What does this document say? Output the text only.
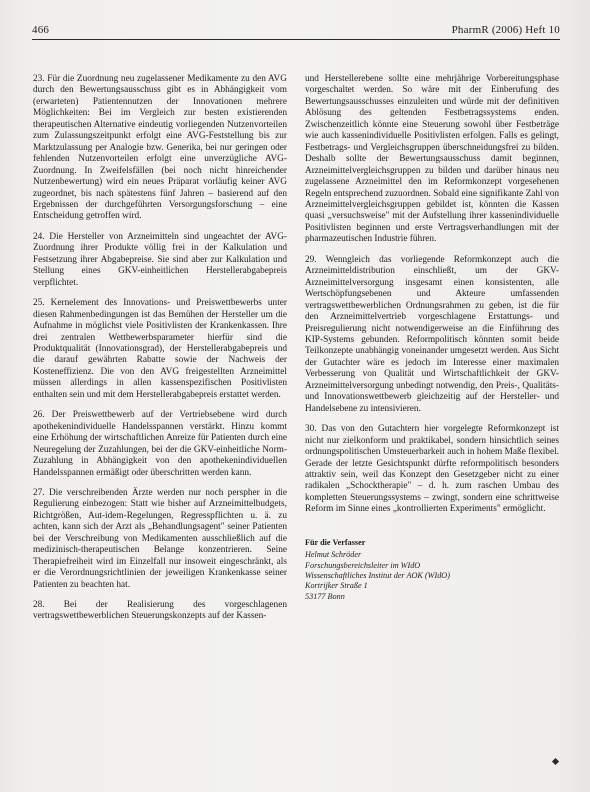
466	PharmR (2006) Heft 10

23. Für die Zuordnung neu zugelassener Medikamente zu den AVG durch den Bewertungsausschuss gibt es in Abhängigkeit vom (erwarteten) Patientennutzen der Innovationen mehrere Möglichkeiten: Bei im Vergleich zur besten existierenden therapeutischen Alternative eindeutig vorliegenden Nutzenvorteilen zum Zulassungszeitpunkt erfolgt eine AVG-Feststellung bis zur Marktzulassung per Analogie bzw. Generika, bei nur geringen oder fehlenden Nutzenvorteilen erfolgt eine unverzügliche AVG-Zuordnung. In Zweifelsfällen (bei noch nicht hinreichender Nutzenbewertung) wird ein neues Präparat vorläufig keiner AVG zugeordnet, bis nach spätestens fünf Jahren – basierend auf den Ergebnissen der durchgeführten Versorgungsforschung – eine Entscheidung getroffen wird.

24. Die Hersteller von Arzneimitteln sind ungeachtet der AVG-Zuordnung ihrer Produkte völlig frei in der Kalkulation und Festsetzung ihrer Abgabepreise. Sie sind aber zur Kalkulation und Stellung eines GKV-einheitlichen Herstellerabgabepreis verpflichtet.

25. Kernelement des Innovations- und Preiswettbewerbs unter diesen Rahmenbedingungen ist das Bemühen der Hersteller um die Aufnahme in möglichst viele Positivlisten der Krankenkassen. Ihre drei zentralen Wettbewerbsparameter hierfür sind die Produktqualität (Innovationsgrad), der Herstellerabgabepreis und die darauf gewährten Rabatte sowie der Nachweis der Kosteneffizienz. Die von den AVG freigestellten Arzneimittel müssen allerdings in allen kassenspezifischen Positivlisten enthalten sein und mit dem Herstellerabgabepreis erstattet werden.

26. Der Preiswettbewerb auf der Vertriebsebene wird durch apothekenindividuelle Handelsspannen verstärkt. Hinzu kommt eine Erhöhung der wirtschaftlichen Anreize für Patienten durch eine Neuregelung der Zuzahlungen, bei der die GKV-einheitliche Norm-Zuzahlung in Abhängigkeit von den apothekenindividuellen Handelsspannen ermäßigt oder überschritten werden kann.

27. Die verschreibenden Ärzte werden nur noch perspher in die Regulierung einbezogen: Statt wie bisher auf Arzneimittelbudgets, Richtgrößen, Aut-idem-Regelungen, Regresspflichten u. ä. zu achten, kann sich der Arzt als „Behandlungsagent" seiner Patienten bei der Verschreibung von Medikamenten ausschließlich auf die medizinisch-therapeutischen Belange konzentrieren. Seine Therapiefreiheit wird im Einzelfall nur insoweit eingeschränkt, als er die Verordnungsrichtlinien der jeweiligen Krankenkasse seiner Patienten zu beachten hat.

28. Bei der Realisierung des vorgeschlagenen vertragswettbewerblichen Steuerungskonzepts auf der Kassen-

und Herstellerebene sollte eine mehrjährige Vorbereitungsphase vorgeschaltet werden. So wäre mit der Einberufung des Bewertungsausschusses einzuleiten und würde mit der definitiven Ablösung des geltenden Festbetragssystems enden. Zwischenzeitlich könnte eine Steuerung sowohl über Festbeträge wie auch kassenindividuelle Positivlisten erfolgen. Falls es gelingt, Festbetrags- und Vergleichsgruppen überschneidungsfrei zu bilden. Deshalb sollte der Bewertungsausschuss damit beginnen, Arzneimittelvergleichsgruppen zu bilden und darüber hinaus neu zugelassene Arzneimittel den im Reformkonzept vorgesehenen Regeln entsprechend zuzuordnen. Sobald eine signifikante Zahl von Arzneimittelvergleichsgruppen gebildet ist, könnten die Kassen quasi „versuchsweise" mit der Aufstellung ihrer kassenindividuelle Positivlisten beginnen und erste Vertragsverhandlungen mit der pharmazeutischen Industrie führen.

29. Wenngleich das vorliegende Reformkonzept auch die Arzneimitteldistribution einschließt, um der GKV-Arzneimittelversorgung insgesamt einen konsistenten, alle Wertschöpfungsebenen und Akteure umfassenden vertragswettbewerblichen Ordnungsrahmen zu geben, ist die für den Arzneimittelvertrieb vorgeschlagene Erstattungs- und Preisregulierung nicht notwendigerweise an die Einführung des KIP-Systems gebunden. Reformpolitisch könnten somit beide Teilkonzepte unabhängig voneinander umgesetzt werden. Aus Sicht der Gutachter wäre es jedoch im Interesse einer maximalen Verbesserung von Qualität und Wirtschaftlichkeit der GKV-Arzneimittelversorgung unbedingt notwendig, den Preis-, Qualitäts- und Innovationswettbewerb gleichzeitig auf der Hersteller- und Handelsebene zu intensivieren.

30. Das von den Gutachtern hier vorgelegte Reformkonzept ist nicht nur zielkonform und praktikabel, sondern hinsichtlich seines ordnungspolitischen Umsteuerbarkeit auch in hohem Maße flexibel. Gerade der letzte Gesichtspunkt dürfte reformpolitisch besonders attraktiv sein, weil das Konzept den Gesetzgeber nicht zu einer radikalen „Schocktherapie" – d. h. zum raschen Umbau des kompletten Steuerungssystems – zwingt, sondern eine schrittweise Reform im Sinne eines „kontrollierten Experiments" ermöglicht.

Für die Verfasser
Helmut Schröder
Forschungsbereichsleiter im WIdO
Wissenschaftliches Institut der AOK (WIdO)
Kortrijker Straße 1
53177 Bonn
